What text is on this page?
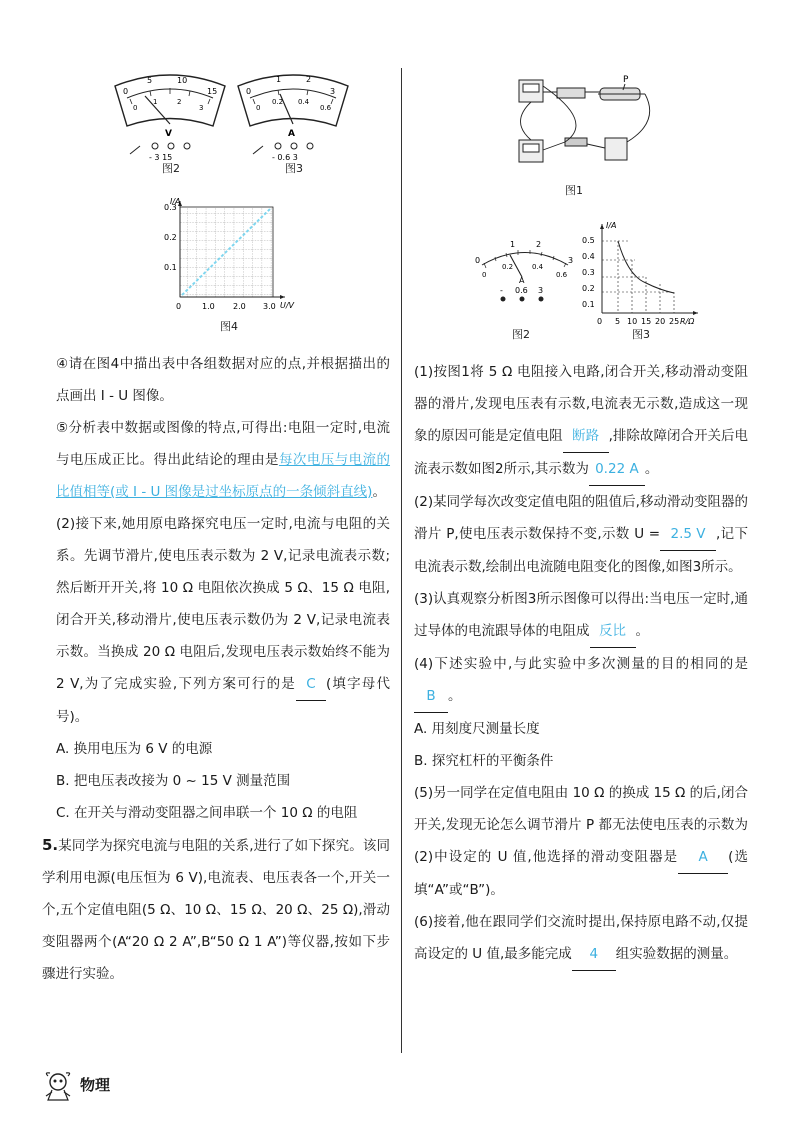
0
5	10
15
0
1	2
3
V
- 3 15
图2
0
1	2
3
0
0.2 0.4
0.6
A
- 0.6 3
图3
I/A
U/V
0.3
0.2
0.1
0	1.0 2.0 3.0
图4

④请在图4中描出表中各组数据对应的点,并根据描出的点画出 I - U 图像。

⑤分析表中数据或图像的特点,可得出:电阻一定时,电流与电压成正比。得出此结论的理由是每次电压与电流的比值相等(或 I - U 图像是过坐标原点的一条倾斜直线)。

(2)接下来,她用原电路探究电压一定时,电流与电阻的关系。先调节滑片,使电压表示数为 2 V,记录电流表示数;然后断开开关,将 10 Ω 电阻依次换成 5 Ω、15 Ω 电阻,闭合开关,移动滑片,使电压表示数仍为 2 V,记录电流表示数。当换成 20 Ω 电阻后,发现电压表示数始终不能为 2 V,为了完成实验,下列方案可行的是 C (填字母代号)。

A. 换用电压为 6 V 的电源

B. 把电压表改接为 0 ~ 15 V 测量范围

C. 在开关与滑动变阻器之间串联一个 10 Ω 的电阻

5.某同学为探究电流与电阻的关系,进行了如下探究。该同学利用电源(电压恒为 6 V),电流表、电压表各一个,开关一个,五个定值电阻(5 Ω、10 Ω、15 Ω、20 Ω、25 Ω),滑动变阻器两个(A“20 Ω 2 A”,B“50 Ω 1 A”)等仪器,按如下步骤进行实验。

P
图1
0
1	2
3
0
0.2	0.4
0.6
A
- 0.6 3
图2
I/A
R/Ω
0.5
0.4
0.3
0.2
0.1
0 5 10 15 20 25
图3

(1)按图1将 5 Ω 电阻接入电路,闭合开关,移动滑动变阻器的滑片,发现电压表有示数,电流表无示数,造成这一现象的原因可能是定值电阻 断路 ,排除故障闭合开关后电流表示数如图2所示,其示数为 0.22 A 。

(2)某同学每次改变定值电阻的阻值后,移动滑动变阻器的滑片 P,使电压表示数保持不变,示数 U = 2.5 V ,记下电流表示数,绘制出电流随电阻变化的图像,如图3所示。

(3)认真观察分析图3所示图像可以得出:当电压一定时,通过导体的电流跟导体的电阻成 反比 。

(4)下述实验中,与此实验中多次测量的目的相同的是B 。

A. 用刻度尺测量长度

B. 探究杠杆的平衡条件

(5)另一同学在定值电阻由 10 Ω 的换成 15 Ω 的后,闭合开关,发现无论怎么调节滑片 P 都无法使电压表的示数为(2)中设定的 U 值,他选择的滑动变阻器是 A (选填“A”或“B”)。

(6)接着,他在跟同学们交流时提出,保持原电路不动,仅提高设定的 U 值,最多能完成 4 组实验数据的测量。

物理
